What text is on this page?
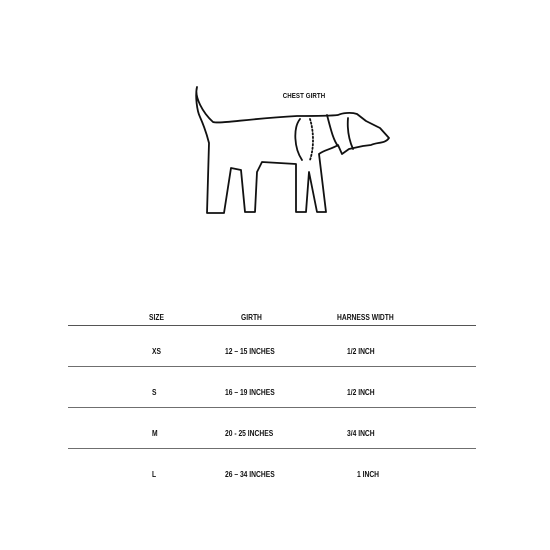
CHEST GIRTH
SIZE	GIRTH	HARNESS WIDTH
XS	12 – 15 INCHES	1/2 INCH
S	16 – 19 INCHES	1/2 INCH
M	20 - 25 INCHES	3/4 INCH
L	26 – 34 INCHES	1 INCH
